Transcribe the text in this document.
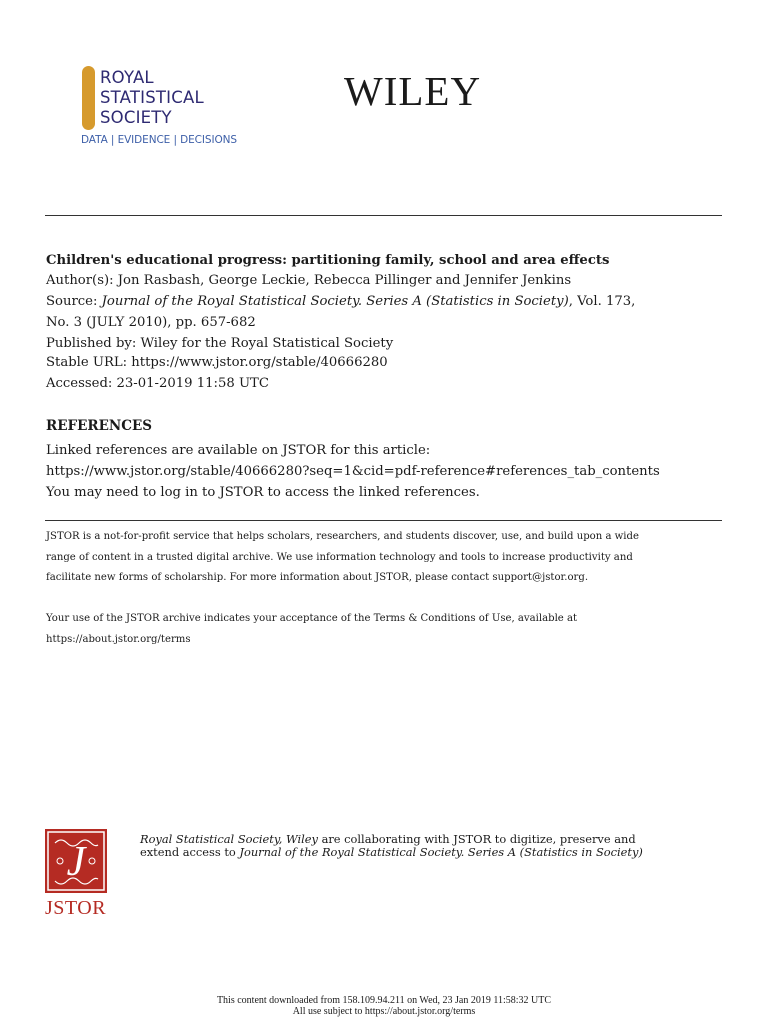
ROYAL
STATISTICAL
SOCIETY
DATA | EVIDENCE | DECISIONS
WILEY
Children's educational progress: partitioning family, school and area effects
Author(s): Jon Rasbash, George Leckie, Rebecca Pillinger and Jennifer Jenkins
Source: Journal of the Royal Statistical Society. Series A (Statistics in Society), Vol. 173,
No. 3 (JULY 2010), pp. 657-682
Published by: Wiley for the Royal Statistical Society
Stable URL: https://www.jstor.org/stable/40666280
Accessed: 23-01-2019 11:58 UTC
REFERENCES
Linked references are available on JSTOR for this article:
https://www.jstor.org/stable/40666280?seq=1&cid=pdf-reference#references_tab_contents
You may need to log in to JSTOR to access the linked references.
JSTOR is a not-for-profit service that helps scholars, researchers, and students discover, use, and build upon a wide
range of content in a trusted digital archive. We use information technology and tools to increase productivity and
facilitate new forms of scholarship. For more information about JSTOR, please contact support@jstor.org.
Your use of the JSTOR archive indicates your acceptance of the Terms & Conditions of Use, available at
https://about.jstor.org/terms
J
JSTOR
Royal Statistical Society, Wiley are collaborating with JSTOR to digitize, preserve and
extend access to Journal of the Royal Statistical Society. Series A (Statistics in Society)
This content downloaded from 158.109.94.211 on Wed, 23 Jan 2019 11:58:32 UTC
All use subject to https://about.jstor.org/terms
